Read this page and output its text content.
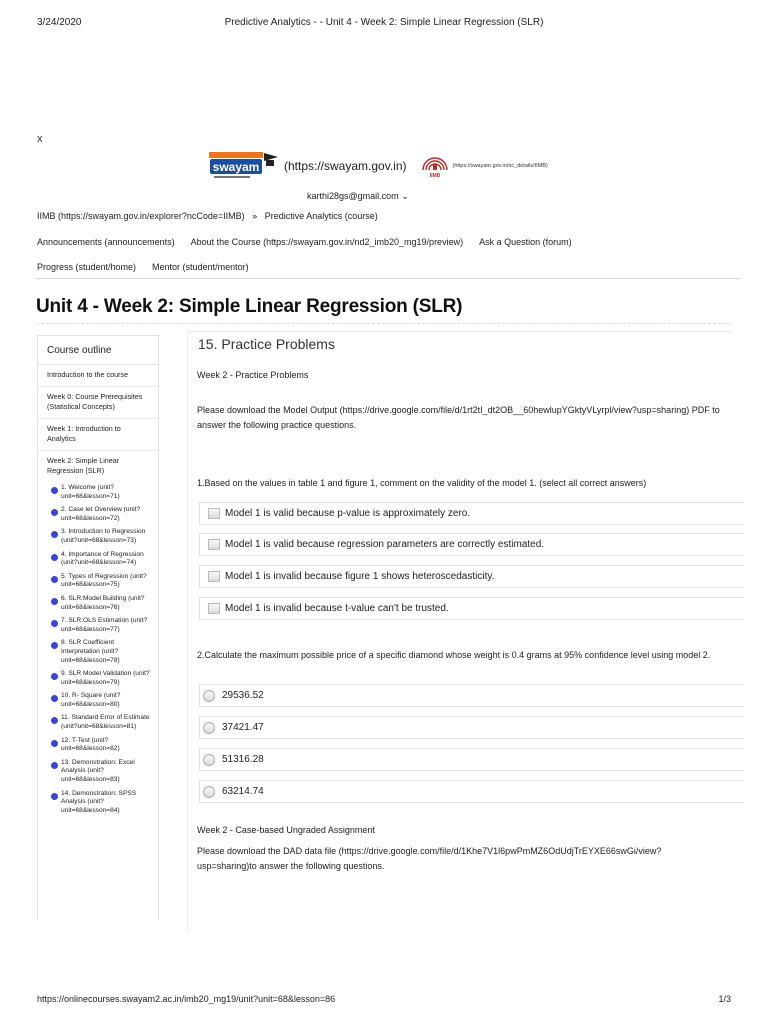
3/24/2020	Predictive Analytics - - Unit 4 - Week 2: Simple Linear Regression (SLR)
x
swayam (https://swayam.gov.in)
IIMB
(https://swayam.gov.in/nc_details/IIMB)
karthi28gs@gmail.com ⌄
IIMB (https://swayam.gov.in/explorer?ncCode=IIMB) » Predictive Analytics (course)
Announcements (announcements) About the Course (https://swayam.gov.in/nd2_imb20_mg19/preview) Ask a Question (forum)
Progress (student/home) Mentor (student/mentor)
Unit 4 - Week 2: Simple Linear Regression (SLR)
Course outline
Introduction to the course
Week 0: Course Prerequisites (Statistical Concepts)
Week 1: Introduction to Analytics
Week 2: Simple Linear Regression (SLR)
1. Welcome (unit?unit=68&lesson=71)
2. Case let Overview (unit?unit=68&lesson=72)
3. Introduction to Regression (unit?unit=68&lesson=73)
4. Importance of Regression (unit?unit=68&lesson=74)
5. Types of Regression (unit?unit=68&lesson=75)
6. SLR:Model Building (unit?unit=68&lesson=76)
7. SLR:OLS Estimation (unit?unit=68&lesson=77)
8. SLR Coefficient Interpretation (unit?unit=68&lesson=78)
9. SLR Model Validation (unit?unit=68&lesson=79)
10. R- Square (unit?unit=68&lesson=80)
11. Standard Error of Estimate (unit?unit=68&lesson=81)
12. T-Test (unit?unit=68&lesson=82)
13. Demonstration: Excel Analysis (unit?unit=68&lesson=83)
14. Demonstration: SPSS Analysis (unit?unit=68&lesson=84)
15. Practice Problems
Week 2 - Practice Problems
Please download the Model Output (https://drive.google.com/file/d/1rt2tI_dt2OB__60hewlupYGktyVLyrpl/view?usp=sharing) PDF to answer the following practice questions.
1.Based on the values in table 1 and figure 1, comment on the validity of the model 1. (select all correct answers)
Model 1 is valid because p-value is approximately zero.
Model 1 is valid because regression parameters are correctly estimated.
Model 1 is invalid because figure 1 shows heteroscedasticity.
Model 1 is invalid because t-value can't be trusted.
2.Calculate the maximum possible price of a specific diamond whose weight is 0.4 grams at 95% confidence level using model 2.
29536.52
37421.47
51316.28
63214.74
Week 2 - Case-based Ungraded Assignment
Please download the DAD data file (https://drive.google.com/file/d/1Khe7V1l6pwPmMZ6OdUdjTrEYXE66swGi/view?usp=sharing)to answer the following questions.
https://onlinecourses.swayam2.ac.in/imb20_mg19/unit?unit=68&lesson=86	1/3
